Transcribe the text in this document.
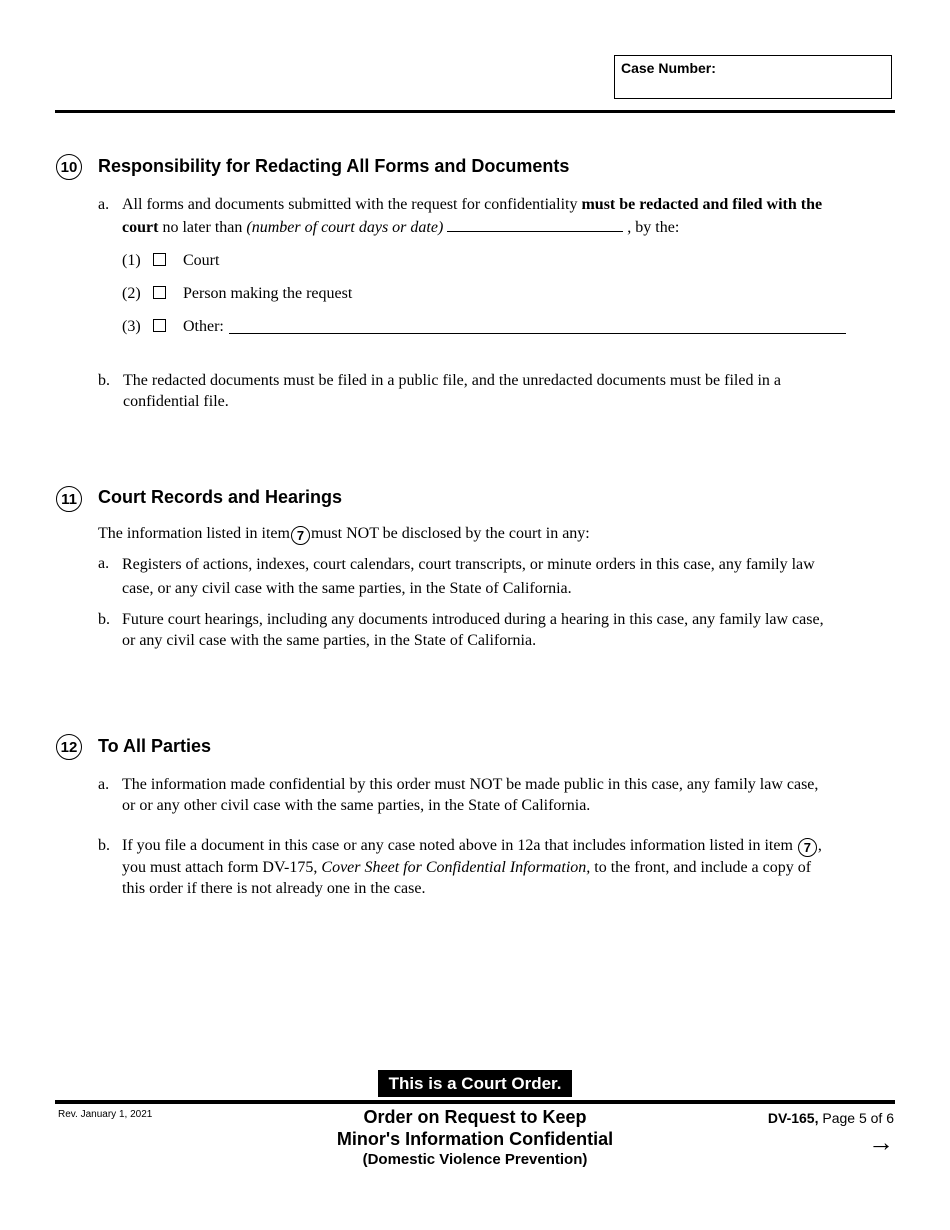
Case Number:
10 Responsibility for Redacting All Forms and Documents
a. All forms and documents submitted with the request for confidentiality must be redacted and filed with the
court no later than (number of court days or date)	, by the:
(1)	Court
(2)	Person making the request
(3)	Other:
b. The redacted documents must be filed in a public file, and the unredacted documents must be filed in a
confidential file.
11 Court Records and Hearings
The information listed in item 7 must NOT be disclosed by the court in any:
a. Registers of actions, indexes, court calendars, court transcripts, or minute orders in this case, any family law
case, or any civil case with the same parties, in the State of California.
b. Future court hearings, including any documents introduced during a hearing in this case, any family law case,
or any civil case with the same parties, in the State of California.
12 To All Parties
a. The information made confidential by this order must NOT be made public in this case, any family law case,
or or any other civil case with the same parties, in the State of California.
b. If you file a document in this case or any case noted above in 12a that includes information listed in item 7 ,
you must attach form DV-175, Cover Sheet for Confidential Information, to the front, and include a copy of
this order if there is not already one in the case.
This is a Court Order.
Rev. January 1, 2021	Order on Request to Keep
Minor's Information Confidential
(Domestic Violence Prevention)
DV-165, Page 5 of 6
→
